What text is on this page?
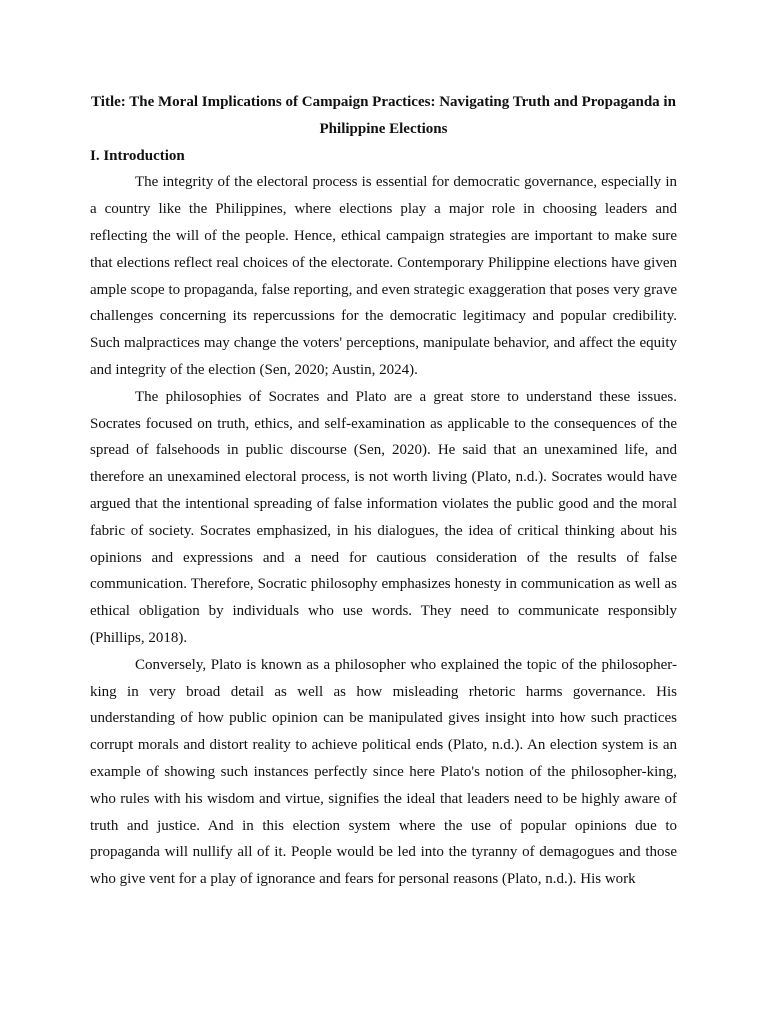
Title: The Moral Implications of Campaign Practices: Navigating Truth and Propaganda in Philippine Elections

I. Introduction

The integrity of the electoral process is essential for democratic governance, especially in a country like the Philippines, where elections play a major role in choosing leaders and reflecting the will of the people. Hence, ethical campaign strategies are important to make sure that elections reflect real choices of the electorate. Contemporary Philippine elections have given ample scope to propaganda, false reporting, and even strategic exaggeration that poses very grave challenges concerning its repercussions for the democratic legitimacy and popular credibility. Such malpractices may change the voters' perceptions, manipulate behavior, and affect the equity and integrity of the election (Sen, 2020; Austin, 2024).

The philosophies of Socrates and Plato are a great store to understand these issues. Socrates focused on truth, ethics, and self-examination as applicable to the consequences of the spread of falsehoods in public discourse (Sen, 2020). He said that an unexamined life, and therefore an unexamined electoral process, is not worth living (Plato, n.d.). Socrates would have argued that the intentional spreading of false information violates the public good and the moral fabric of society. Socrates emphasized, in his dialogues, the idea of critical thinking about his opinions and expressions and a need for cautious consideration of the results of false communication. Therefore, Socratic philosophy emphasizes honesty in communication as well as ethical obligation by individuals who use words. They need to communicate responsibly (Phillips, 2018).

Conversely, Plato is known as a philosopher who explained the topic of the philosopher-king in very broad detail as well as how misleading rhetoric harms governance. His understanding of how public opinion can be manipulated gives insight into how such practices corrupt morals and distort reality to achieve political ends (Plato, n.d.). An election system is an example of showing such instances perfectly since here Plato's notion of the philosopher-king, who rules with his wisdom and virtue, signifies the ideal that leaders need to be highly aware of truth and justice. And in this election system where the use of popular opinions due to propaganda will nullify all of it. People would be led into the tyranny of demagogues and those who give vent for a play of ignorance and fears for personal reasons (Plato, n.d.). His work
